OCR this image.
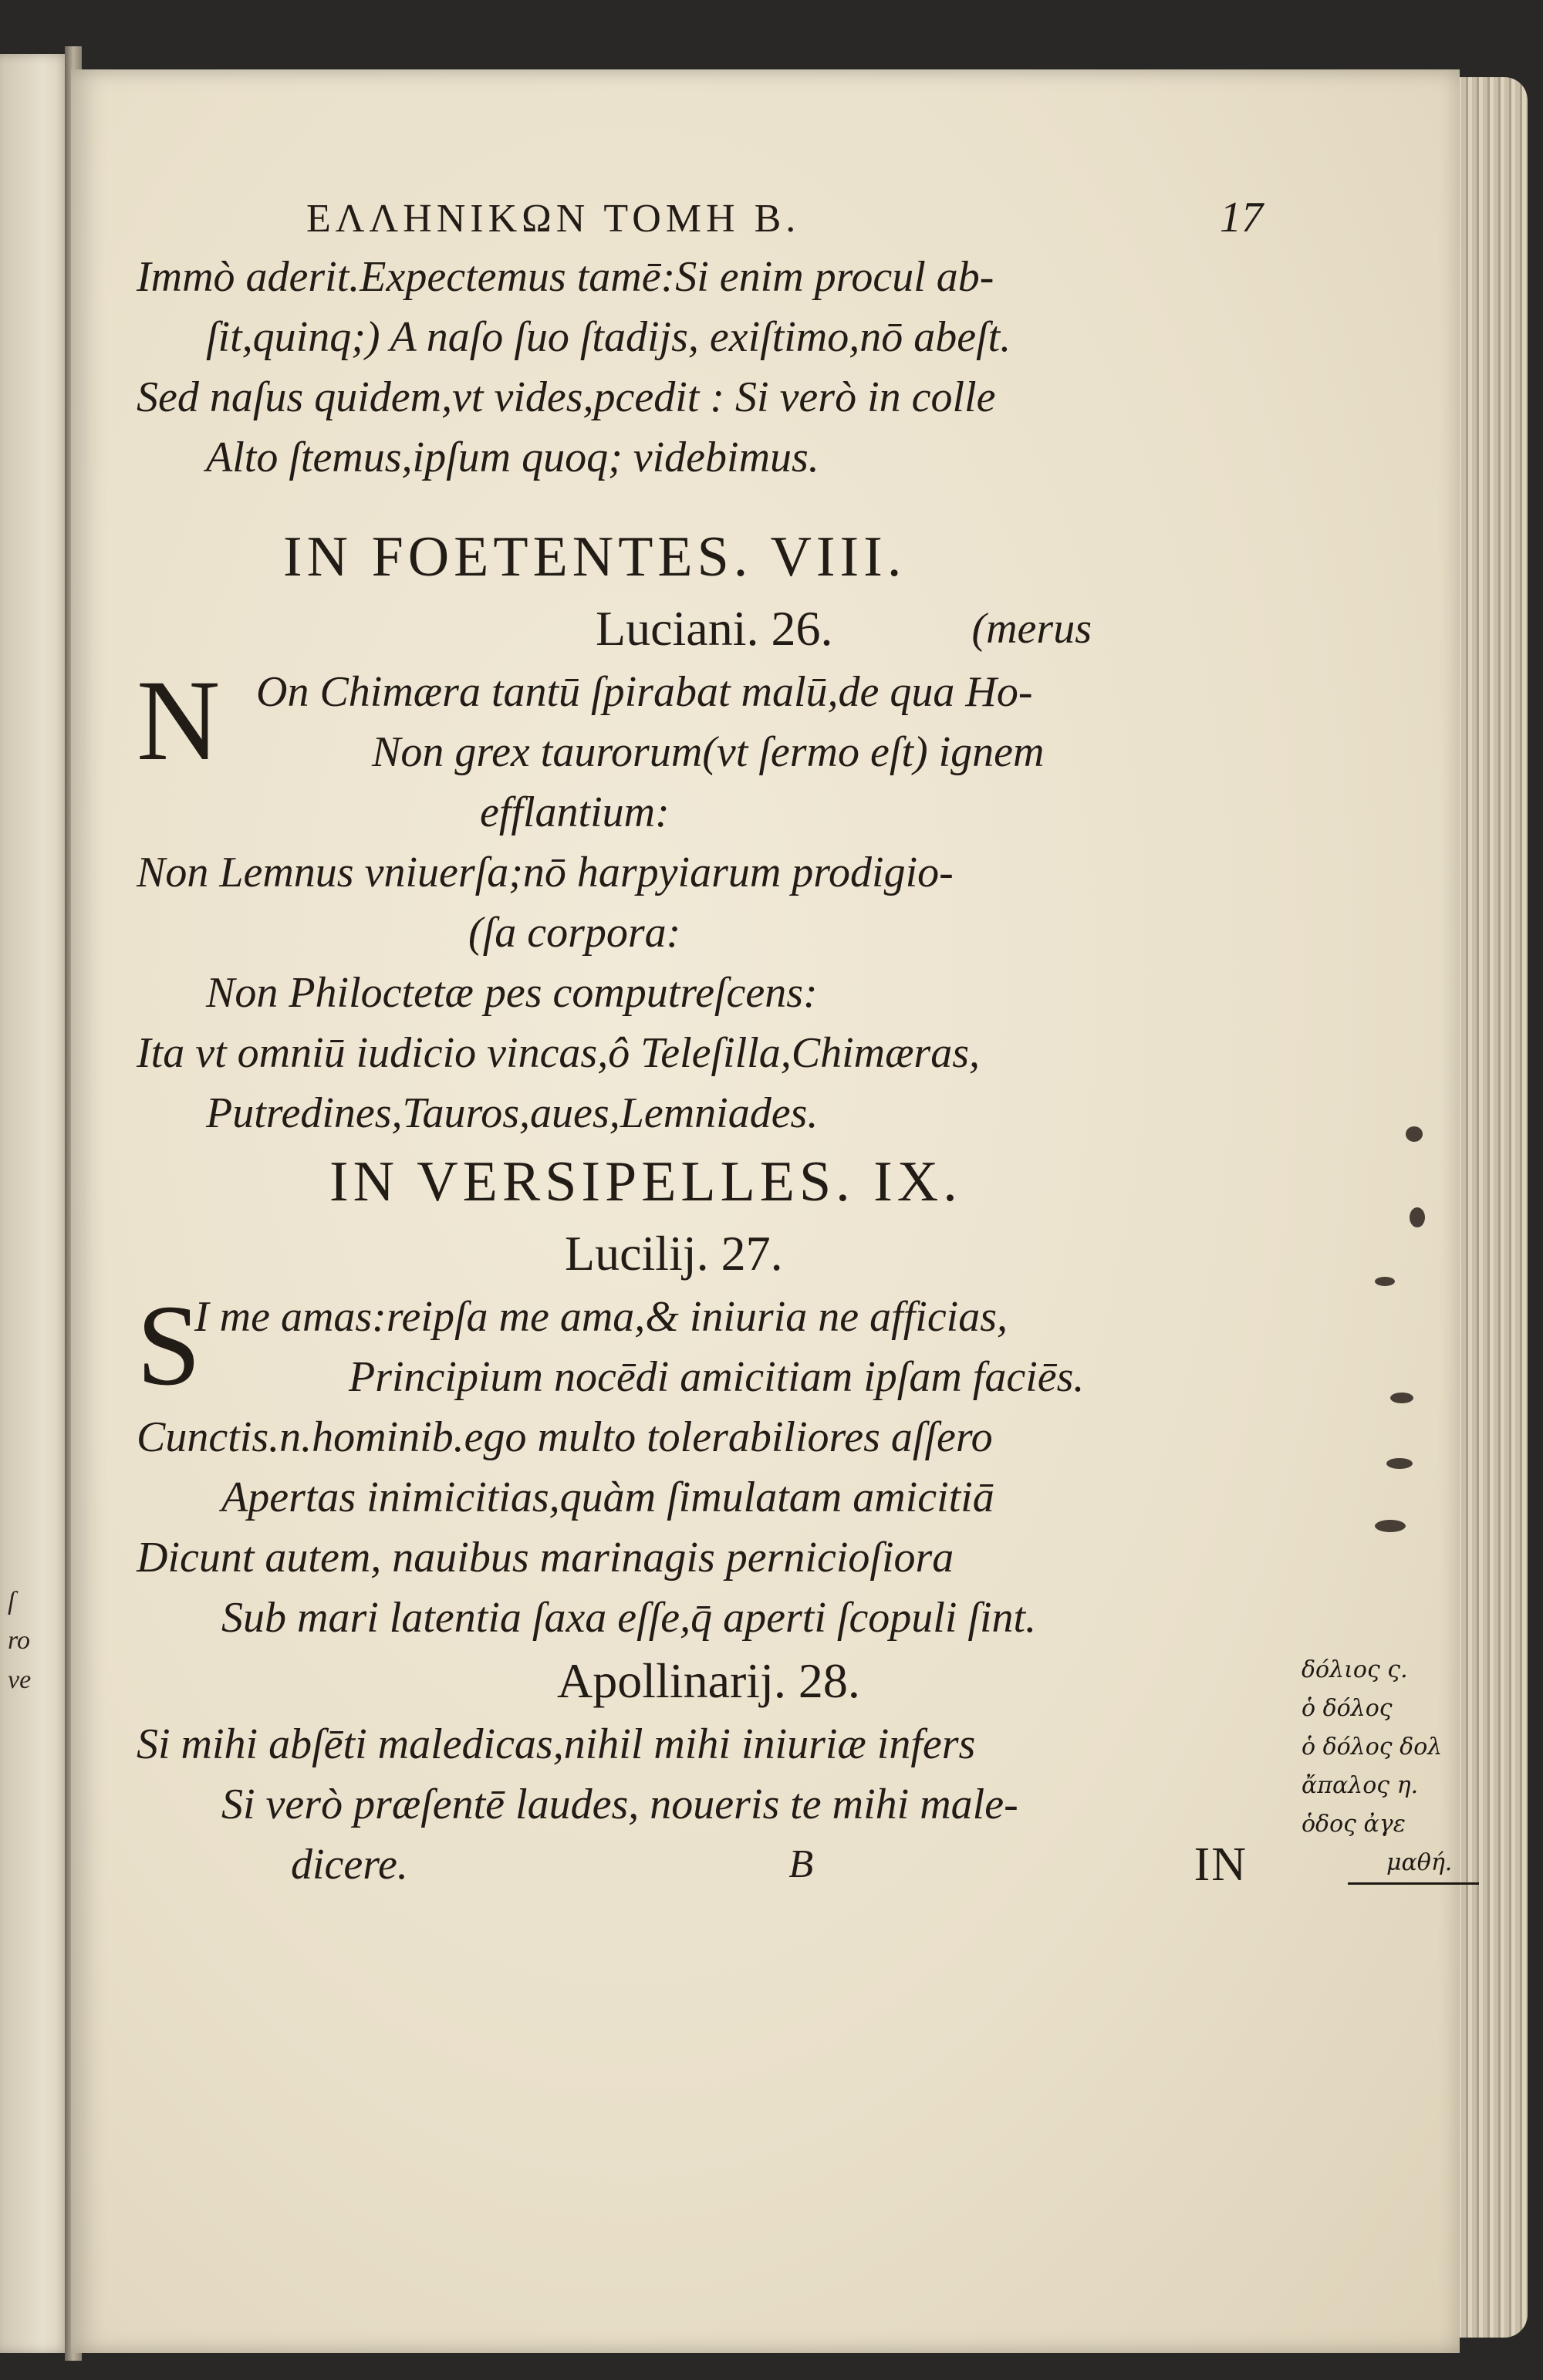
ſ
ro
ve
ΕΛΛΗΝΙΚΩΝ ΤΟΜΗ Β.	17
Immò aderit.Expectemus tamē:Si enim procul ab-
ſit,quinq;) A naſo ſuo ſtadijs, exiſtimo,nō abeſt.
Sed naſus quidem,vt vides,pcedit : Si verò in colle
Alto ſtemus,ipſum quoq; videbimus.
IN FOETENTES. VIII.
Luciani. 26.	(merus
N On Chimæra tantū ſpirabat malū,de qua Ho-
Non grex taurorum(vt ſermo eſt) ignem
efflantium:
Non Lemnus vniuerſa;nō harpyiarum prodigio-
(ſa corpora:
Non Philoctetæ pes computreſcens:
Ita vt omniū iudicio vincas,ô Teleſilla,Chimæras,
Putredines,Tauros,aues,Lemniades.
IN VERSIPELLES. IX.
Lucilij. 27.
S
I me amas:reipſa me ama,& iniuria ne afficias,
Principium nocēdi amicitiam ipſam faciēs.
Cunctis.n.hominib.ego multo tolerabiliores aſſero
Apertas inimicitias,quàm ſimulatam amicitiā
Dicunt autem, nauibus marinagis pernicioſiora
Sub mari latentia ſaxa eſſe,q̄ aperti ſcopuli ſint.
Apollinarij. 28.
Si mihi abſēti maledicas,nihil mihi iniuriæ infers
Si verò præſentē laudes, noueris te mihi male-
dicere.	B	IN
δόλιος ς.
ὁ δόλος
ὁ δόλος δολ
ἄπαλος η.
ὁδος ἀγε
μαθή.
